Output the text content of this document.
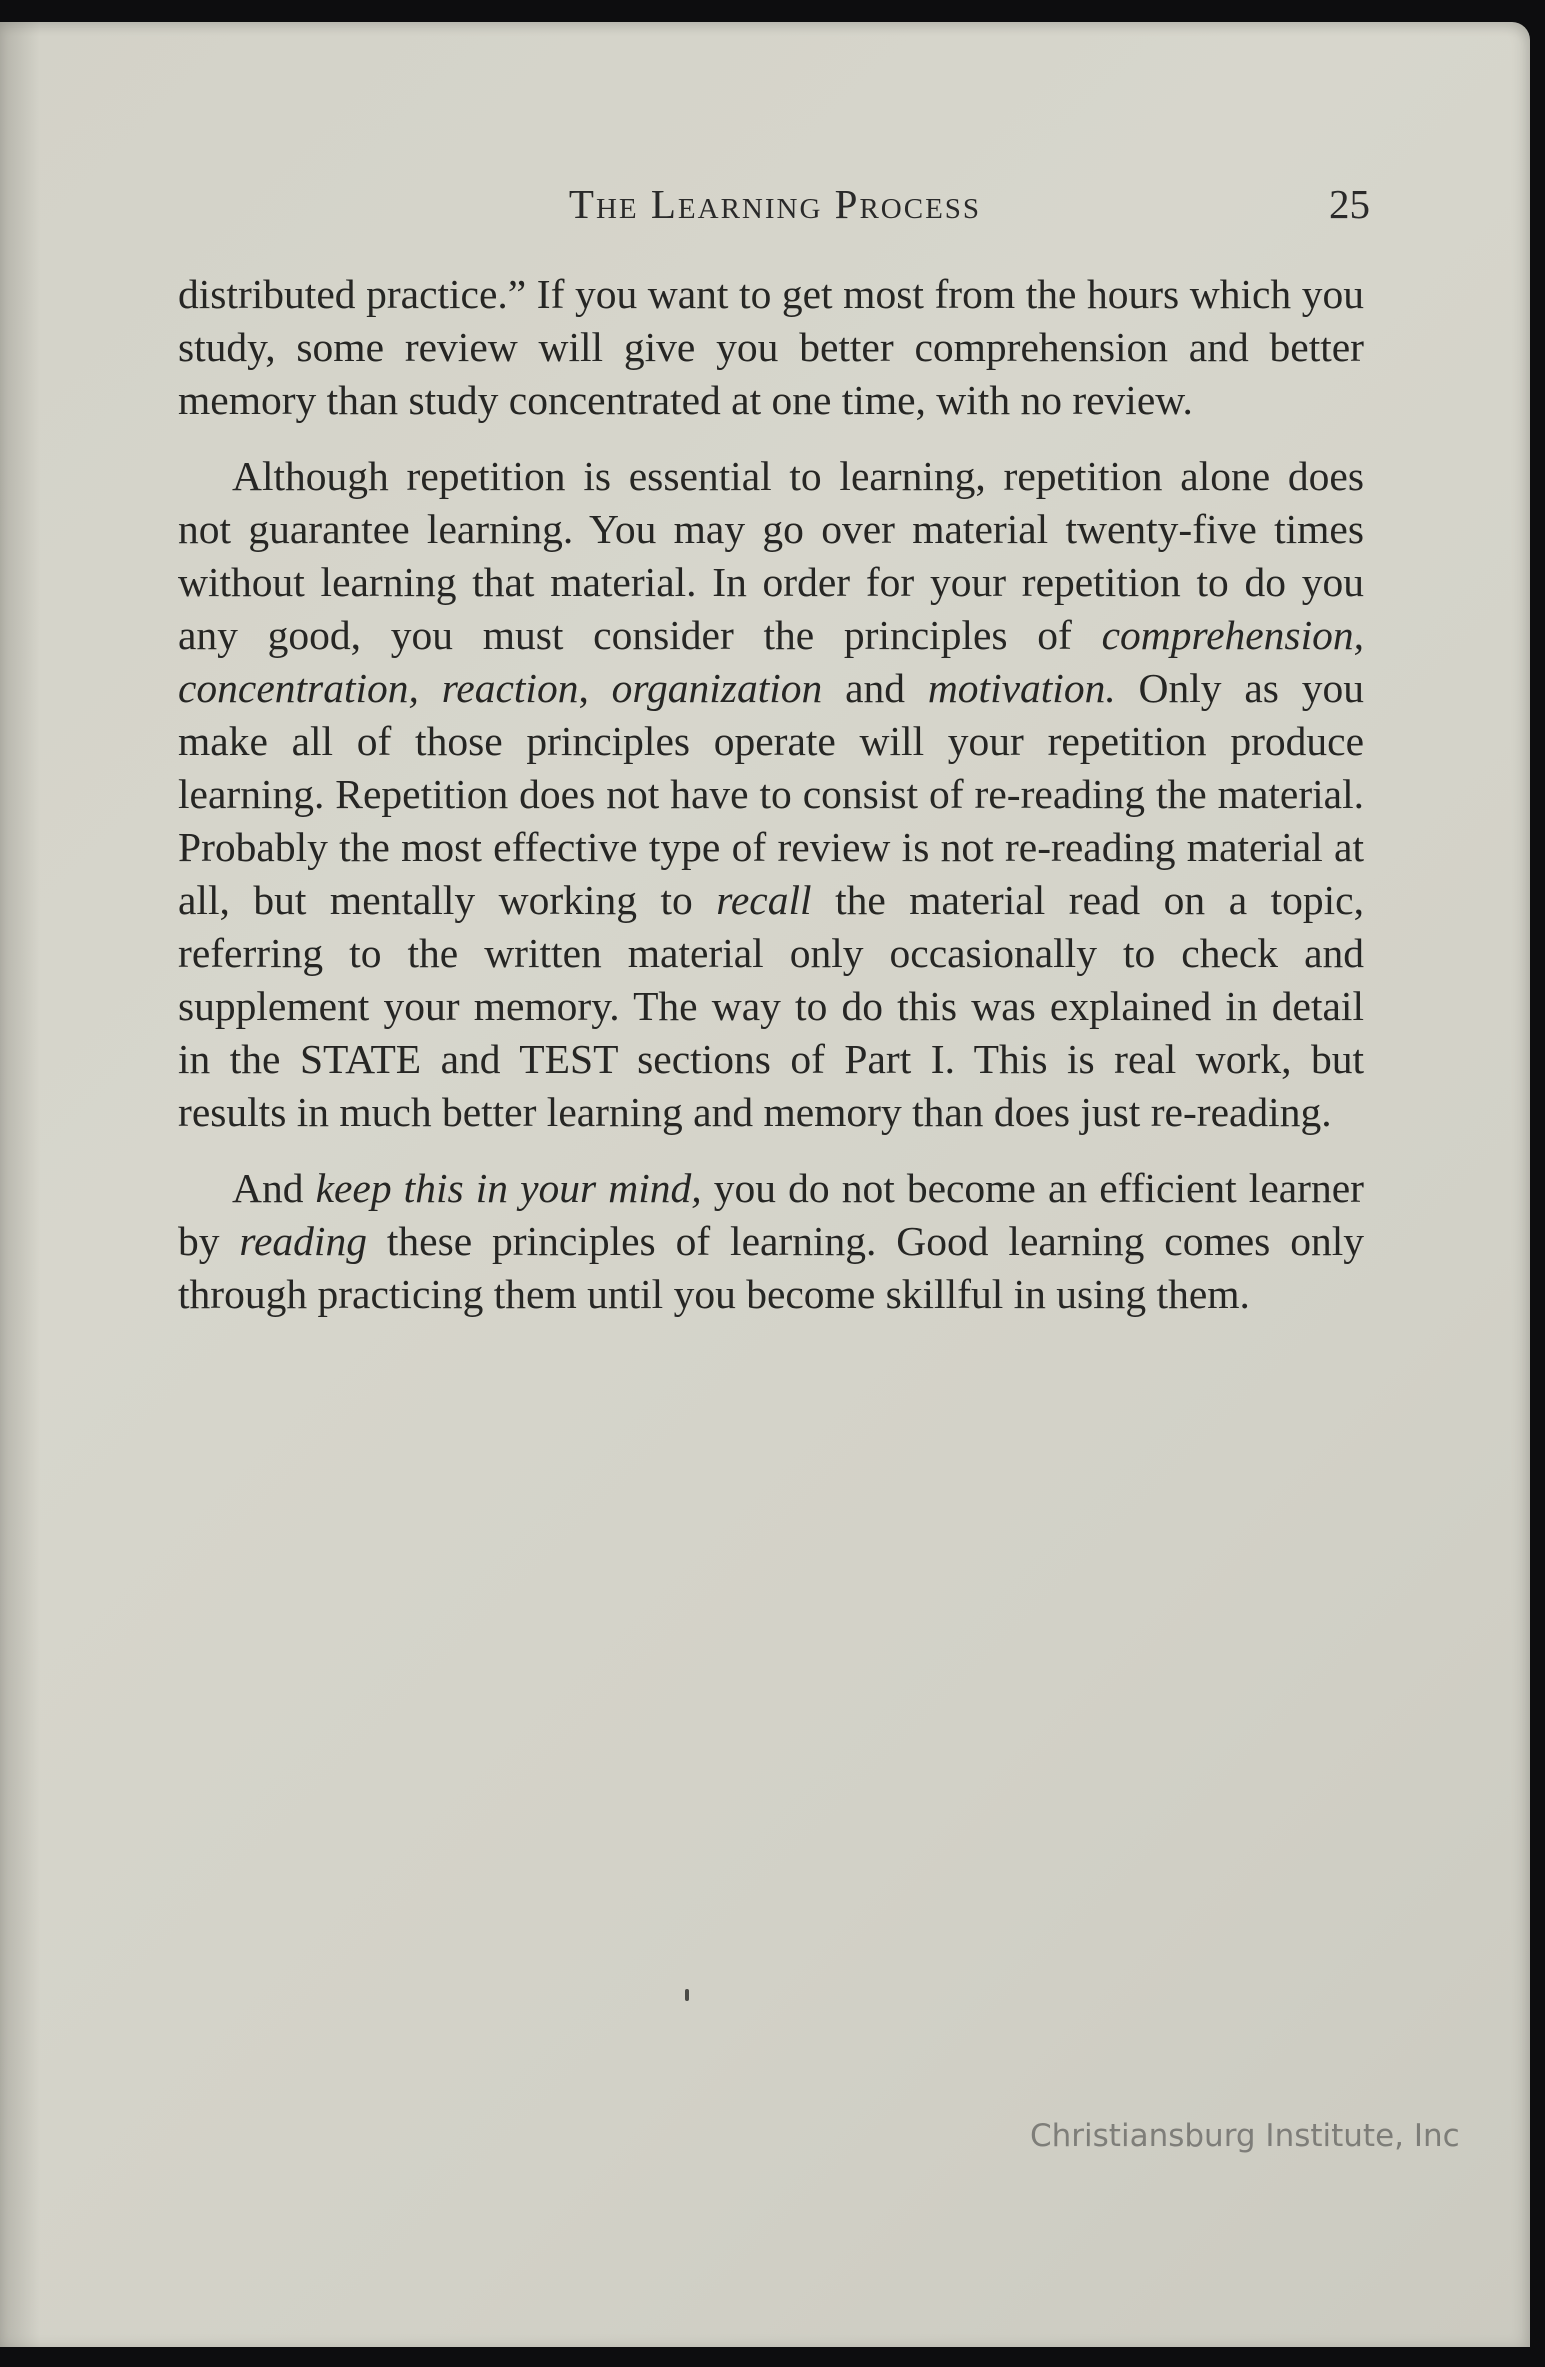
The Learning Process	25

distributed practice.” If you want to get most from the hours which you study, some review will give you better comprehension and better memory than study concentrated at one time, with no review.

Although repetition is essential to learning, repetition alone does not guarantee learning. You may go over material twenty-five times without learning that material. In order for your repetition to do you any good, you must consider the principles of comprehension, concentration, reaction, organization and motivation. Only as you make all of those principles operate will your repetition produce learning. Repetition does not have to consist of re-reading the material. Probably the most effective type of review is not re-reading material at all, but mentally working to recall the material read on a topic, referring to the written material only occasionally to check and supplement your memory. The way to do this was explained in detail in the STATE and TEST sections of Part I. This is real work, but results in much better learning and memory than does just re-reading.

And keep this in your mind, you do not become an efficient learner by reading these principles of learning. Good learning comes only through practicing them until you become skillful in using them.

Christiansburg Institute, Inc
